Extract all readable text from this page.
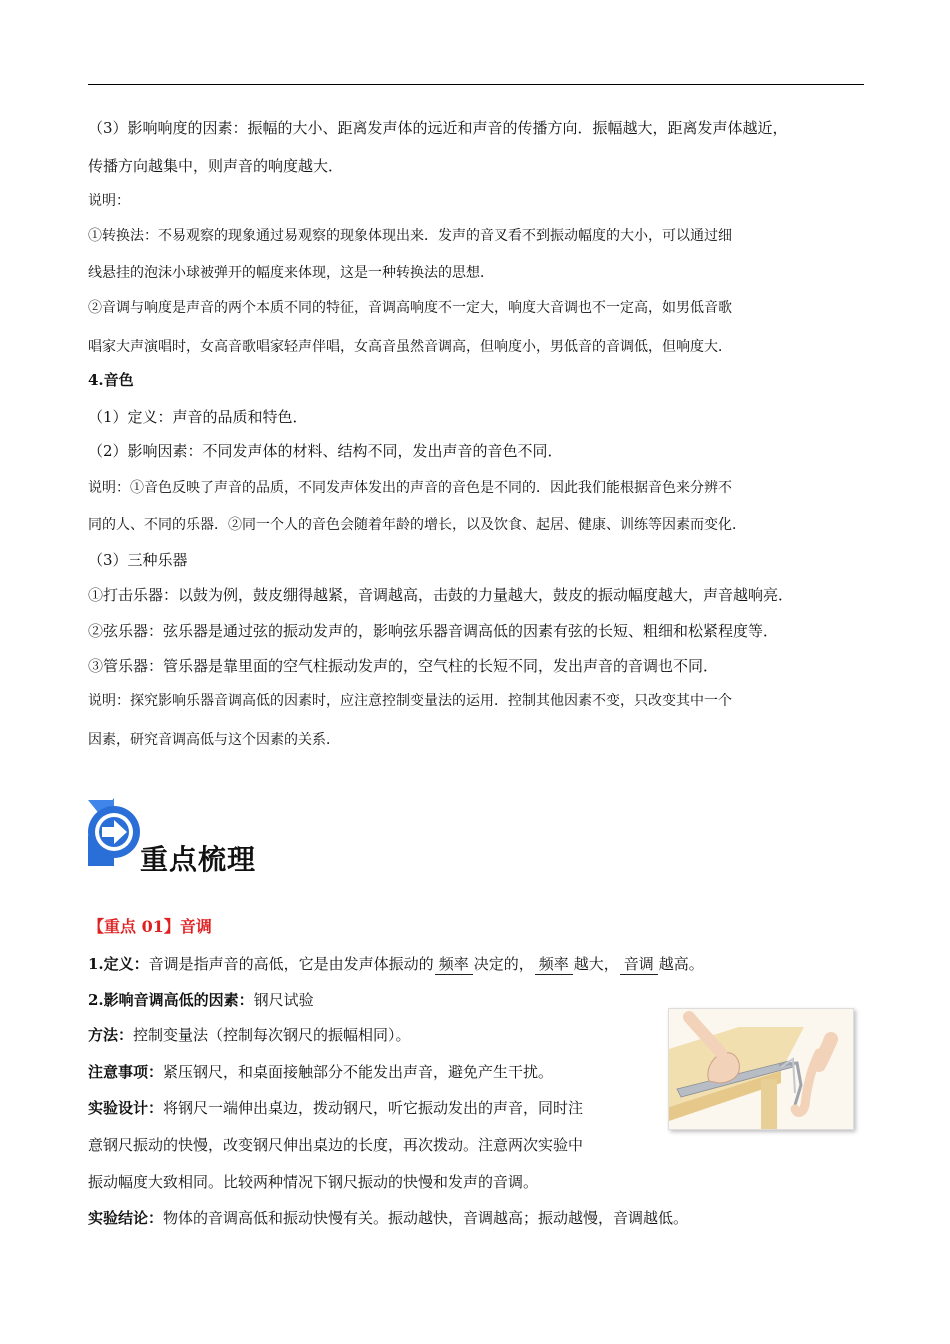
（3）影响响度的因素：振幅的大小、距离发声体的远近和声音的传播方向．振幅越大，距离发声体越近，
传播方向越集中，则声音的响度越大．
说明：
①转换法：不易观察的现象通过易观察的现象体现出来．发声的音叉看不到振动幅度的大小，可以通过细
线悬挂的泡沫小球被弹开的幅度来体现，这是一种转换法的思想．
②音调与响度是声音的两个本质不同的特征，音调高响度不一定大，响度大音调也不一定高，如男低音歌
唱家大声演唱时，女高音歌唱家轻声伴唱，女高音虽然音调高，但响度小，男低音的音调低，但响度大．
4.音色
（1）定义：声音的品质和特色．
（2）影响因素：不同发声体的材料、结构不同，发出声音的音色不同．
说明：①音色反映了声音的品质，不同发声体发出的声音的音色是不同的．因此我们能根据音色来分辨不
同的人、不同的乐器．②同一个人的音色会随着年龄的增长，以及饮食、起居、健康、训练等因素而变化．
（3）三种乐器
①打击乐器：以鼓为例，鼓皮绷得越紧，音调越高，击鼓的力量越大，鼓皮的振动幅度越大，声音越响亮．
②弦乐器：弦乐器是通过弦的振动发声的，影响弦乐器音调高低的因素有弦的长短、粗细和松紧程度等．
③管乐器：管乐器是靠里面的空气柱振动发声的，空气柱的长短不同，发出声音的音调也不同．
说明：探究影响乐器音调高低的因素时，应注意控制变量法的运用．控制其他因素不变，只改变其中一个
因素，研究音调高低与这个因素的关系．
重点梳理
【重点 01】音调
1.定义：音调是指声音的高低，它是由发声体振动的 频率 决定的， 频率 越大， 音调 越高。
2.影响音调高低的因素：钢尺试验
方法：控制变量法（控制每次钢尺的振幅相同）。
注意事项：紧压钢尺，和桌面接触部分不能发出声音，避免产生干扰。
实验设计：将钢尺一端伸出桌边，拨动钢尺，听它振动发出的声音，同时注
意钢尺振动的快慢，改变钢尺伸出桌边的长度，再次拨动。注意两次实验中
振动幅度大致相同。比较两种情况下钢尺振动的快慢和发声的音调。
实验结论：物体的音调高低和振动快慢有关。振动越快，音调越高；振动越慢，音调越低。
